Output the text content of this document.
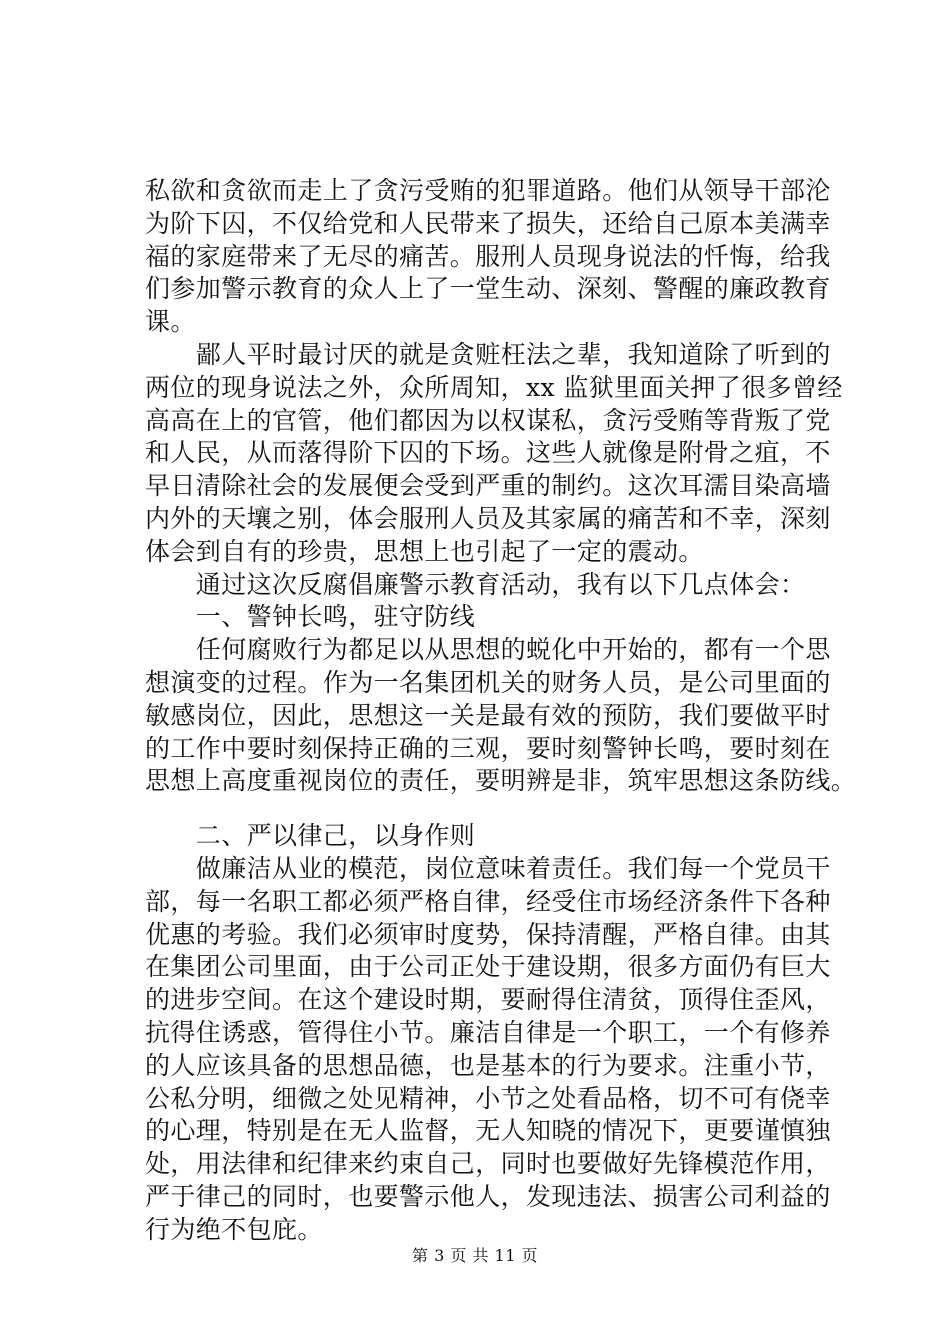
私欲和贪欲而走上了贪污受贿的犯罪道路。他们从领导干部沦
为阶下囚，不仅给党和人民带来了损失，还给自己原本美满幸
福的家庭带来了无尽的痛苦。服刑人员现身说法的忏悔，给我
们参加警示教育的众人上了一堂生动、深刻、警醒的廉政教育
课。
　　鄙人平时最讨厌的就是贪赃枉法之辈，我知道除了听到的
两位的现身说法之外，众所周知，xx 监狱里面关押了很多曾经
高高在上的官管，他们都因为以权谋私，贪污受贿等背叛了党
和人民，从而落得阶下囚的下场。这些人就像是附骨之疽，不
早日清除社会的发展便会受到严重的制约。这次耳濡目染高墙
内外的天壤之别，体会服刑人员及其家属的痛苦和不幸，深刻
体会到自有的珍贵，思想上也引起了一定的震动。
　　通过这次反腐倡廉警示教育活动，我有以下几点体会：
　　一、警钟长鸣，驻守防线
　　任何腐败行为都足以从思想的蜕化中开始的，都有一个思
想演变的过程。作为一名集团机关的财务人员，是公司里面的
敏感岗位，因此，思想这一关是最有效的预防，我们要做平时
的工作中要时刻保持正确的三观，要时刻警钟长鸣，要时刻在
思想上高度重视岗位的责任，要明辨是非，筑牢思想这条防线。
　　二、严以律己，以身作则
　　做廉洁从业的模范，岗位意味着责任。我们每一个党员干
部，每一名职工都必须严格自律，经受住市场经济条件下各种
优惠的考验。我们必须审时度势，保持清醒，严格自律。由其
在集团公司里面，由于公司正处于建设期，很多方面仍有巨大
的进步空间。在这个建设时期，要耐得住清贫，顶得住歪风，
抗得住诱惑，管得住小节。廉洁自律是一个职工，一个有修养
的人应该具备的思想品德，也是基本的行为要求。注重小节，
公私分明，细微之处见精神，小节之处看品格，切不可有侥幸
的心理，特别是在无人监督，无人知晓的情况下，更要谨慎独
处，用法律和纪律来约束自己，同时也要做好先锋模范作用，
严于律己的同时，也要警示他人，发现违法、损害公司利益的
行为绝不包庇。
第 3 页 共 11 页
